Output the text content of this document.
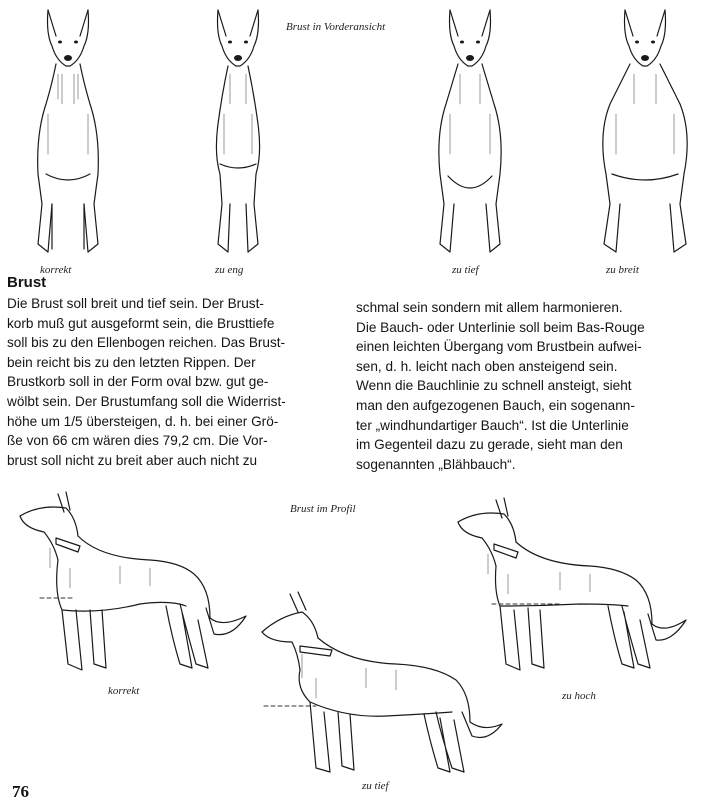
Brust in Vorderansicht
korrekt	zu eng	zu tief	zu breit
Brust

Die Brust soll breit und tief sein. Der Brust-

korb muß gut ausgeformt sein, die Brusttiefe

soll bis zu den Ellenbogen reichen. Das Brust-

bein reicht bis zu den letzten Rippen. Der

Brustkorb soll in der Form oval bzw. gut ge-

wölbt sein. Der Brustumfang soll die Widerrist-

höhe um 1/5 übersteigen, d. h. bei einer Grö-

ße von 66 cm wären dies 79,2 cm. Die Vor-

brust soll nicht zu breit aber auch nicht zu

schmal sein sondern mit allem harmonieren.

Die Bauch- oder Unterlinie soll beim Bas-Rouge

einen leichten Übergang vom Brustbein aufwei-

sen, d. h. leicht nach oben ansteigend sein.

Wenn die Bauchlinie zu schnell ansteigt, sieht

man den aufgezogenen Bauch, ein sogenann-

ter „windhundartiger Bauch“. Ist die Unterlinie

im Gegenteil dazu zu gerade, sieht man den

sogenannten „Blähbauch“.

Brust im Profil
korrekt
zu tief
zu hoch
76
